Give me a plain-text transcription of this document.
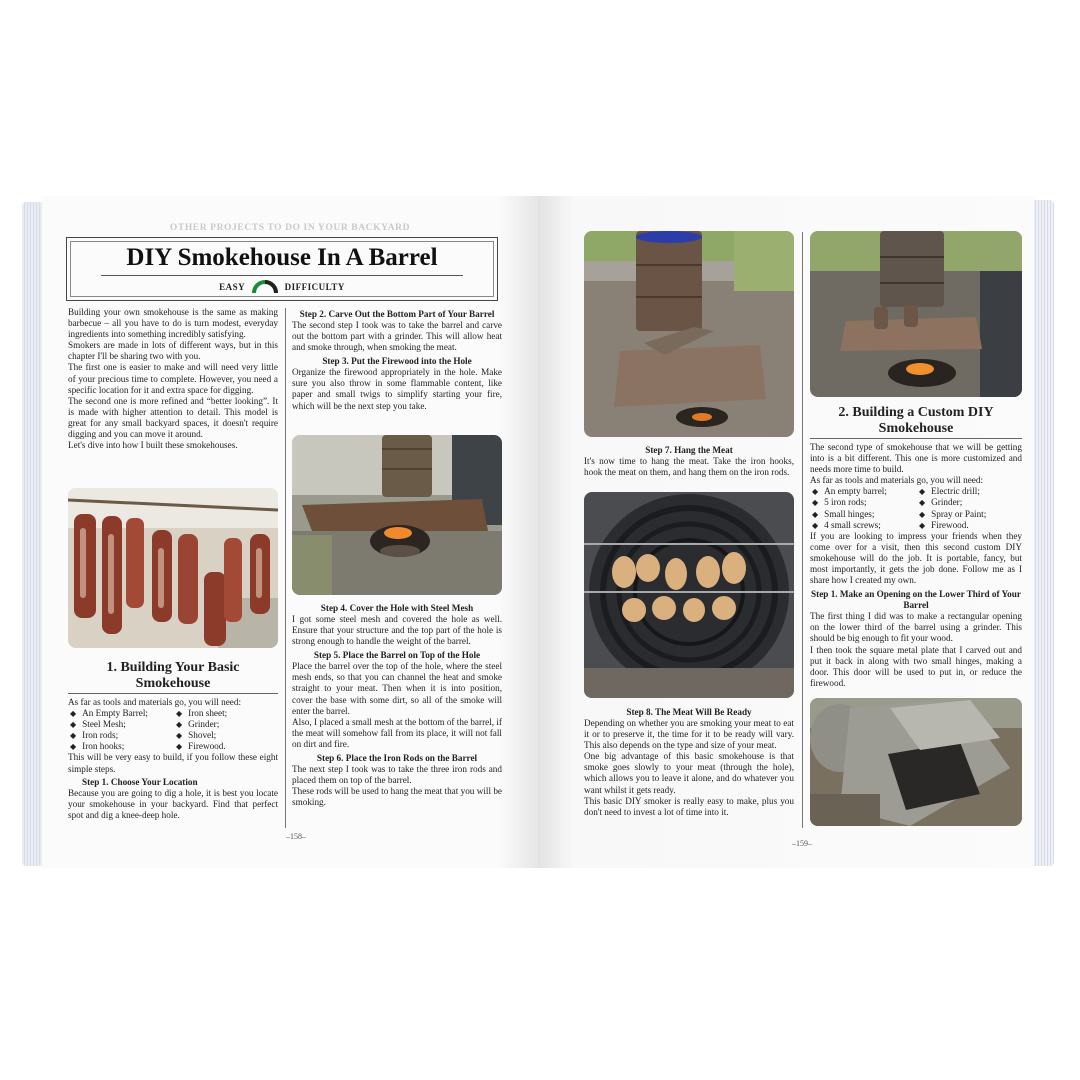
OTHER PROJECTS TO DO IN YOUR BACKYARD
DIY Smokehouse In A Barrel
EASY	DIFFICULTY

Building your own smokehouse is the same as making barbecue – all you have to do is turn modest, everyday ingredients into something incredibly satisfying.

Smokers are made in lots of different ways, but in this chapter I'll be sharing two with you.

The first one is easier to make and will need very little of your precious time to complete. However, you need a specific location for it and extra space for digging.

The second one is more refined and “better looking”. It is made with higher attention to detail. This model is great for any small backyard spaces, it doesn't require digging and you can move it around.

Let's dive into how I built these smokehouses.

1. Building Your Basic Smokehouse

As far as tools and materials go, you will need:

◆ An Empty Barrel;	◆ Iron sheet;
◆ Steel Mesh;	◆ Grinder;
◆ Iron rods;	◆ Shovel;
◆ Iron hooks;	◆ Firewood.

This will be very easy to build, if you follow these eight simple steps.

Step 1. Choose Your Location

Because you are going to dig a hole, it is best you locate your smokehouse in your backyard. Find that perfect spot and dig a knee-deep hole.

Step 2. Carve Out the Bottom Part of Your Barrel

The second step I took was to take the barrel and carve out the bottom part with a grinder. This will allow heat and smoke through, when smoking the meat.

Step 3. Put the Firewood into the Hole

Organize the firewood appropriately in the hole. Make sure you also throw in some flammable content, like paper and small twigs to simplify starting your fire, which will be the next step you take.

Step 4. Cover the Hole with Steel Mesh

I got some steel mesh and covered the hole as well. Ensure that your structure and the top part of the hole is strong enough to handle the weight of the barrel.

Step 5. Place the Barrel on Top of the Hole

Place the barrel over the top of the hole, where the steel mesh ends, so that you can channel the heat and smoke straight to your meat. Then when it is into position, cover the base with some dirt, so all of the smoke will enter the barrel.

Also, I placed a small mesh at the bottom of the barrel, if the meat will somehow fall from its place, it will not fall on dirt and fire.

Step 6. Place the Iron Rods on the Barrel

The next step I took was to take the three iron rods and placed them on top of the barrel.

These rods will be used to hang the meat that you will be smoking.

–158–
Step 7. Hang the Meat

It's now time to hang the meat. Take the iron hooks, hook the meat on them, and hang them on the iron rods.

Step 8. The Meat Will Be Ready

Depending on whether you are smoking your meat to eat it or to preserve it, the time for it to be ready will vary. This also depends on the type and size of your meat.

One big advantage of this basic smokehouse is that smoke goes slowly to your meat (through the hole), which allows you to leave it alone, and do whatever you want whilst it gets ready.

This basic DIY smoker is really easy to make, plus you don't need to invest a lot of time into it.

2. Building a Custom DIY Smokehouse

The second type of smokehouse that we will be getting into is a bit different. This one is more customized and needs more time to build.

As far as tools and materials go, you will need:

◆ An empty barrel;	◆ Electric drill;
◆ 5 iron rods;	◆ Grinder;
◆ Small hinges;	◆ Spray or Paint;
◆ 4 small screws;	◆ Firewood.

If you are looking to impress your friends when they come over for a visit, then this second custom DIY smokehouse will do the job. It is portable, fancy, but most importantly, it gets the job done. Follow me as I share how I created my own.

Step 1. Make an Opening on the Lower Third of Your Barrel

The first thing I did was to make a rectangular opening on the lower third of the barrel using a grinder. This should be big enough to fit your wood.

I then took the square metal plate that I carved out and put it back in along with two small hinges, making a door. This door will be used to put in, or reduce the firewood.

–159–
